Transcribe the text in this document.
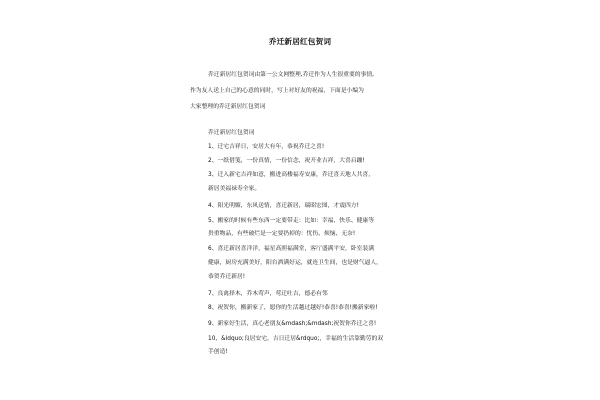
乔迁新居红包贺词
乔迁新居红包贺词由第一公文网整理,乔迁作为人生很重要的事情,
作为友人送上自己的心意的同时，写上对好友的祝福，下面是小编为
大家整理的乔迁新居红包贺词
乔迁新居红包贺词
1、迁宅吉祥日，安居大有年，恭祝乔迁之喜!
2、一纸借笺，一份真情，一份信念，祝开业吉祥，大喜启蹦!
3、迁入新宅吉祥如意，搬进高楼福寿安康，乔迁喜天地人共喜，
新居美福禄寿全家。
4、阳光明媚，东风送情，喜迁新居，瑞昭宏图，才震四方!
5、搬家的时候有些东西一定要带走：比如：幸福、快乐、健康等
贵重物品，有些破烂是一定要扔掉的：忧伤、烦恼、无奈!
6、喜迁新居喜洋洋，福星高照福满堂，客厅盛满平安，卧室装满
健康，厨房充满美好，阳台洒满好运，就连卫生间，也是财气逼人，
恭贺乔迁新居!
7、良禽择木，乔木莺声，莺迁吐吉，德必有邻
8、祝贺你，搬新家了，愿你的生活越过越好!恭喜!恭喜!搬新家啦!
9、新家好生活，真心老朋友&mdash;&mdash;祝贺你乔迁之喜!
10、&ldquo;良居安宅，吉日迁居&rdquo;，幸福的生活靠勤劳的双
手创造!
